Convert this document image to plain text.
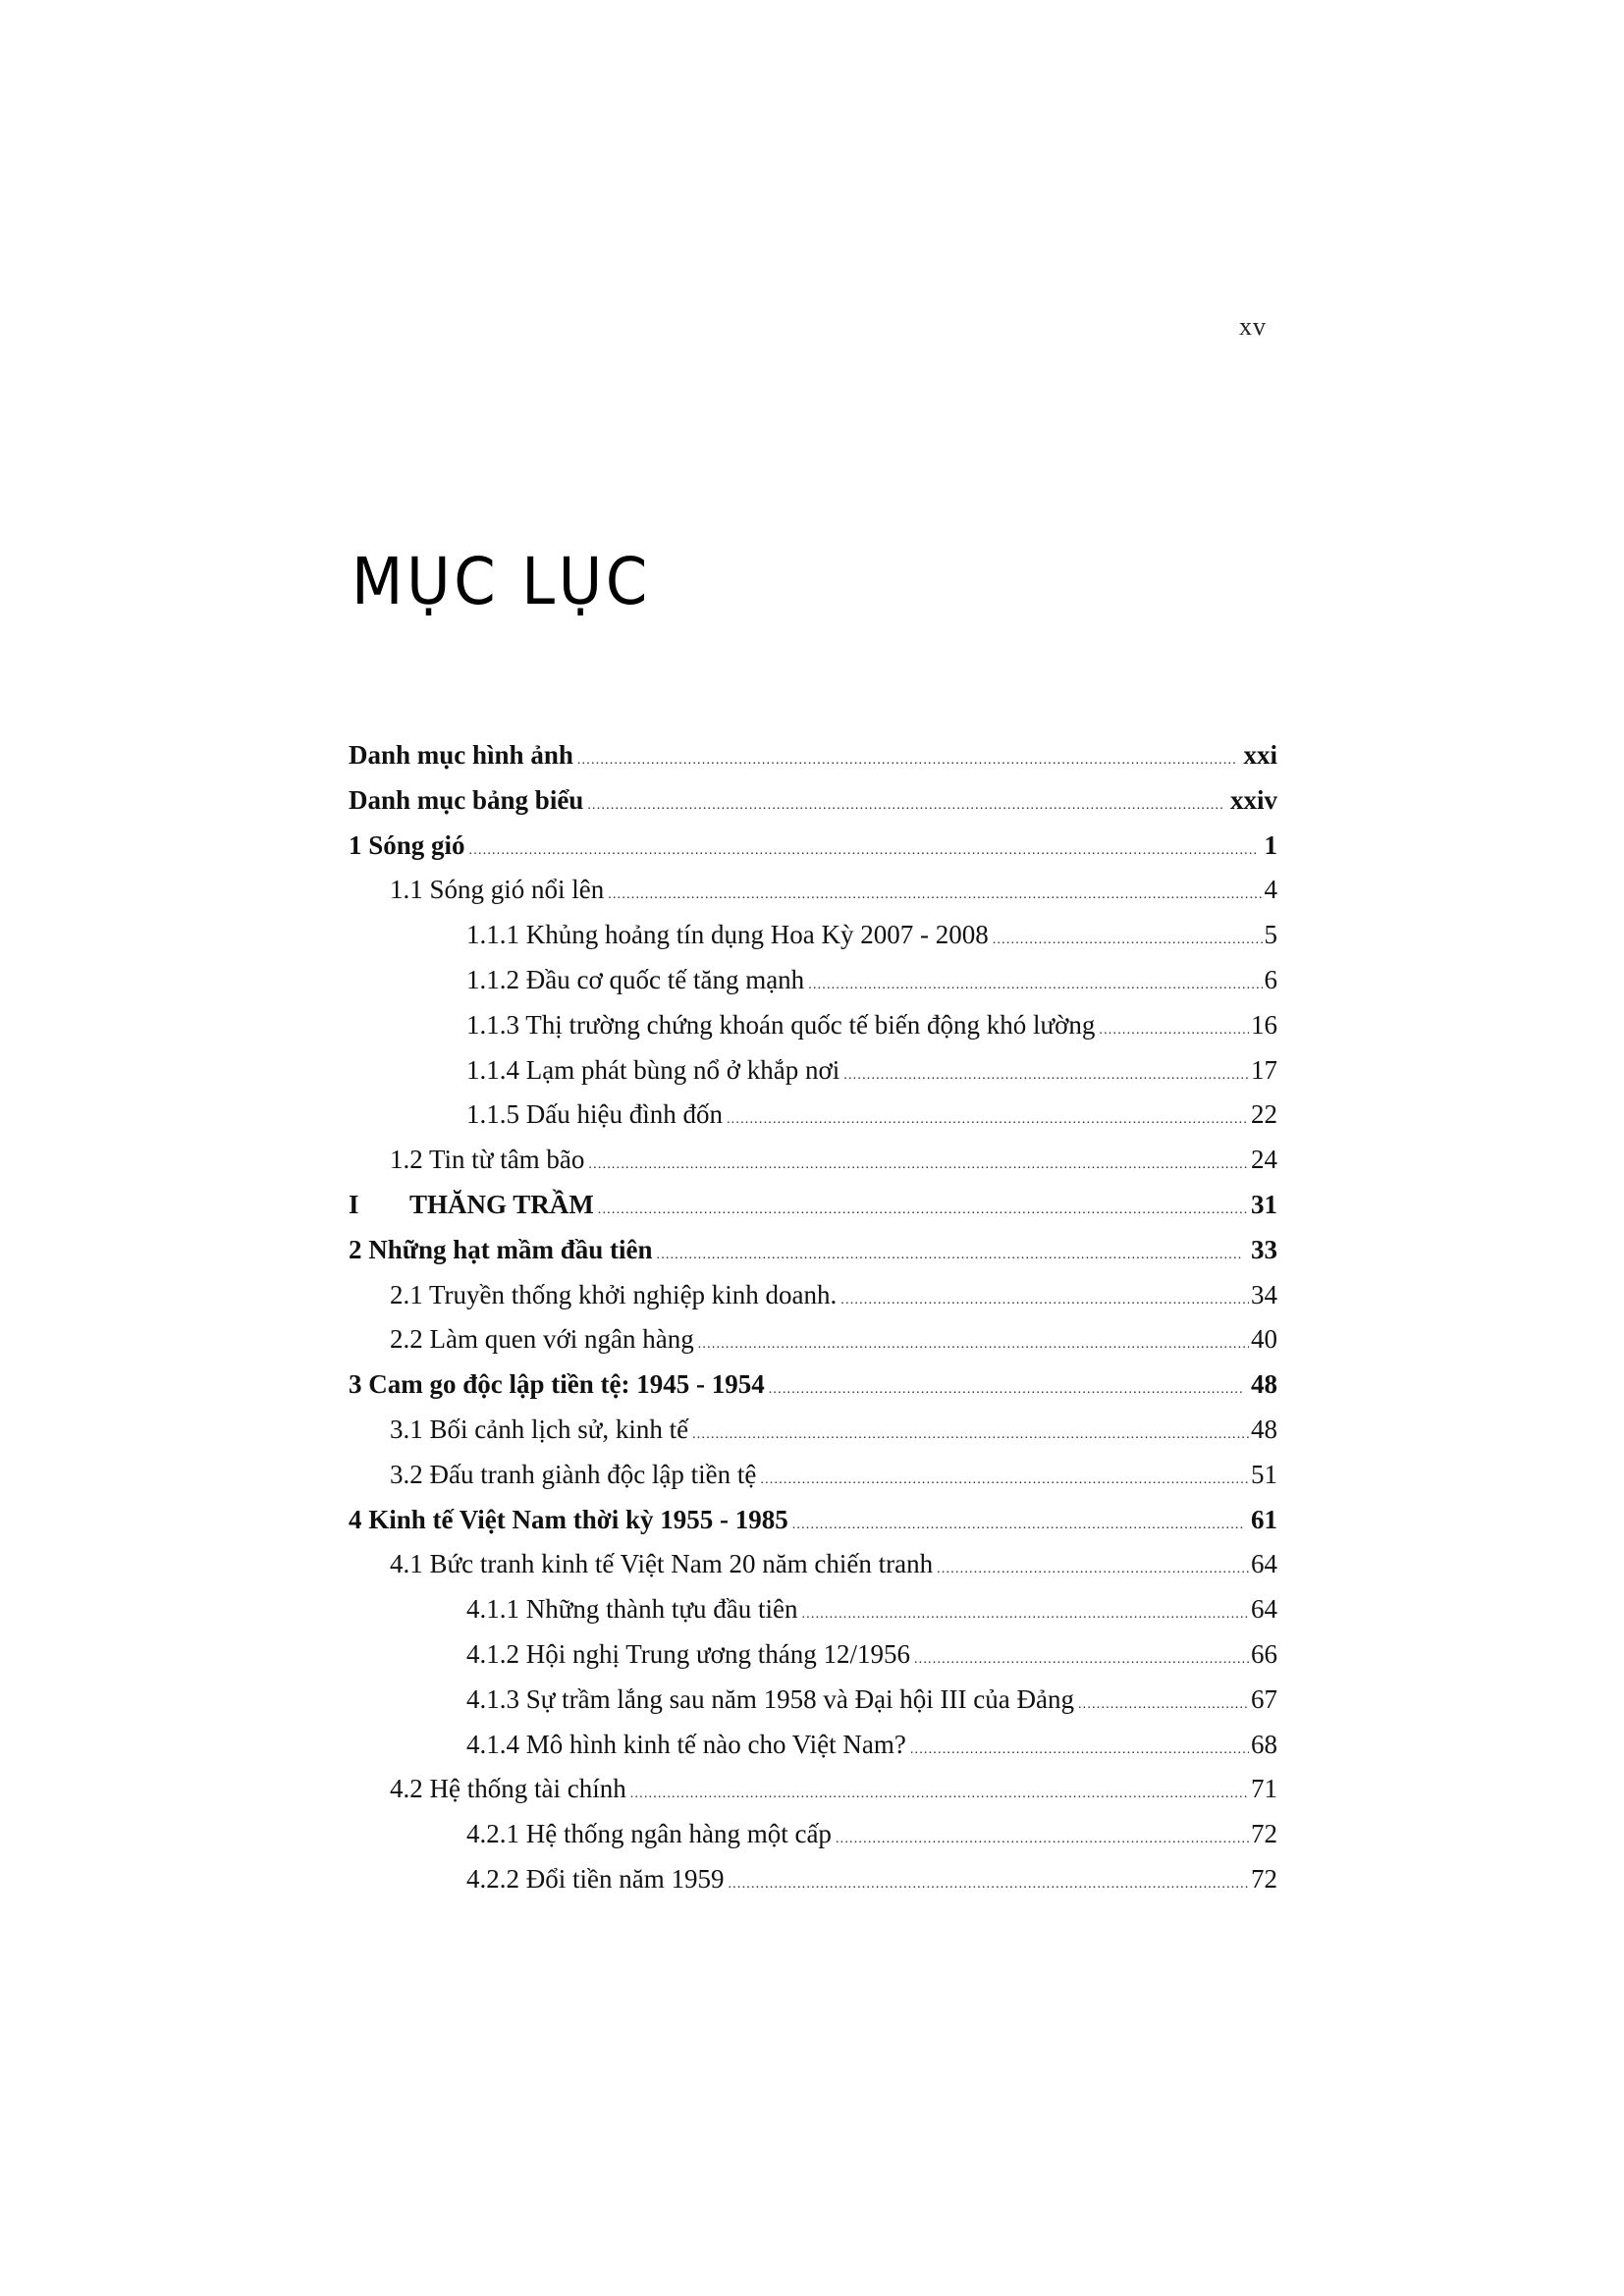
xv
MỤC LỤC
Danh mục hình ảnh .....	xxi
Danh mục bảng biểu .....	xxiv
1 Sóng gió .....	1
1.1 Sóng gió nổi lên .....	4
1.1.1 Khủng hoảng tín dụng Hoa Kỳ 2007 - 2008 .....	5
1.1.2 Đầu cơ quốc tế tăng mạnh .....	6
1.1.3 Thị trường chứng khoán quốc tế biến động khó lường .....	16
1.1.4 Lạm phát bùng nổ ở khắp nơi .....	17
1.1.5 Dấu hiệu đình đốn .....	22
1.2 Tin từ tâm bão .....	24
I THĂNG TRẦM .....	31
2 Những hạt mầm đầu tiên .....	33
2.1 Truyền thống khởi nghiệp kinh doanh. .....	34
2.2 Làm quen với ngân hàng .....	40
3 Cam go độc lập tiền tệ: 1945 - 1954 .....	48
3.1 Bối cảnh lịch sử, kinh tế .....	48
3.2 Đấu tranh giành độc lập tiền tệ .....	51
4 Kinh tế Việt Nam thời kỳ 1955 - 1985 .....	61
4.1 Bức tranh kinh tế Việt Nam 20 năm chiến tranh .....	64
4.1.1 Những thành tựu đầu tiên .....	64
4.1.2 Hội nghị Trung ương tháng 12/1956 .....	66
4.1.3 Sự trầm lắng sau năm 1958 và Đại hội III của Đảng .....	67
4.1.4 Mô hình kinh tế nào cho Việt Nam? .....	68
4.2 Hệ thống tài chính .....	71
4.2.1 Hệ thống ngân hàng một cấp .....	72
4.2.2 Đổi tiền năm 1959 .....	72
